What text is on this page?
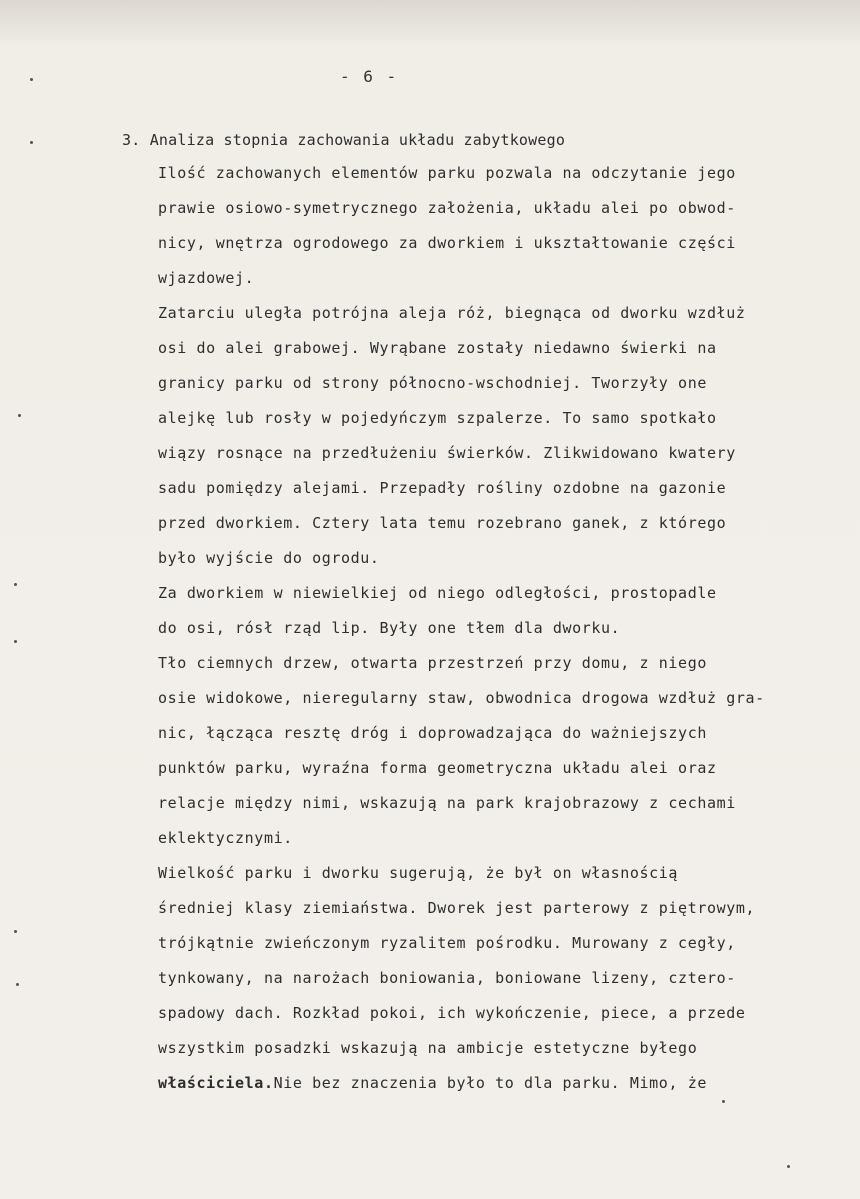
- 6 -
3. Analiza stopnia zachowania układu zabytkowego
Ilość zachowanych elementów parku pozwala na odczytanie jego
prawie osiowo-symetrycznego założenia, układu alei po obwod-
nicy, wnętrza ogrodowego za dworkiem i ukształtowanie części
wjazdowej.
Zatarciu uległa potrójna aleja róż, biegnąca od dworku wzdłuż
osi do alei grabowej. Wyrąbane zostały niedawno świerki na
granicy parku od strony północno-wschodniej. Tworzyły one
alejkę lub rosły w pojedyńczym szpalerze. To samo spotkało
wiązy rosnące na przedłużeniu świerków. Zlikwidowano kwatery
sadu pomiędzy alejami. Przepadły rośliny ozdobne na gazonie
przed dworkiem. Cztery lata temu rozebrano ganek, z którego
było wyjście do ogrodu.
Za dworkiem w niewielkiej od niego odległości, prostopadle
do osi, rósł rząd lip. Były one tłem dla dworku.
Tło ciemnych drzew, otwarta przestrzeń przy domu, z niego
osie widokowe, nieregularny staw, obwodnica drogowa wzdłuż gra-
nic, łącząca resztę dróg i doprowadzająca do ważniejszych
punktów parku, wyraźna forma geometryczna układu alei oraz
relacje między nimi, wskazują na park krajobrazowy z cechami
eklektycznymi.
Wielkość parku i dworku sugerują, że był on własnością
średniej klasy ziemiaństwa. Dworek jest parterowy z piętrowym,
trójkątnie zwieńczonym ryzalitem pośrodku. Murowany z cegły,
tynkowany, na narożach boniowania, boniowane lizeny, cztero-
spadowy dach. Rozkład pokoi, ich wykończenie, piece, a przede
wszystkim posadzki wskazują na ambicje estetyczne byłego
właściciela.Nie bez znaczenia było to dla parku. Mimo, że
